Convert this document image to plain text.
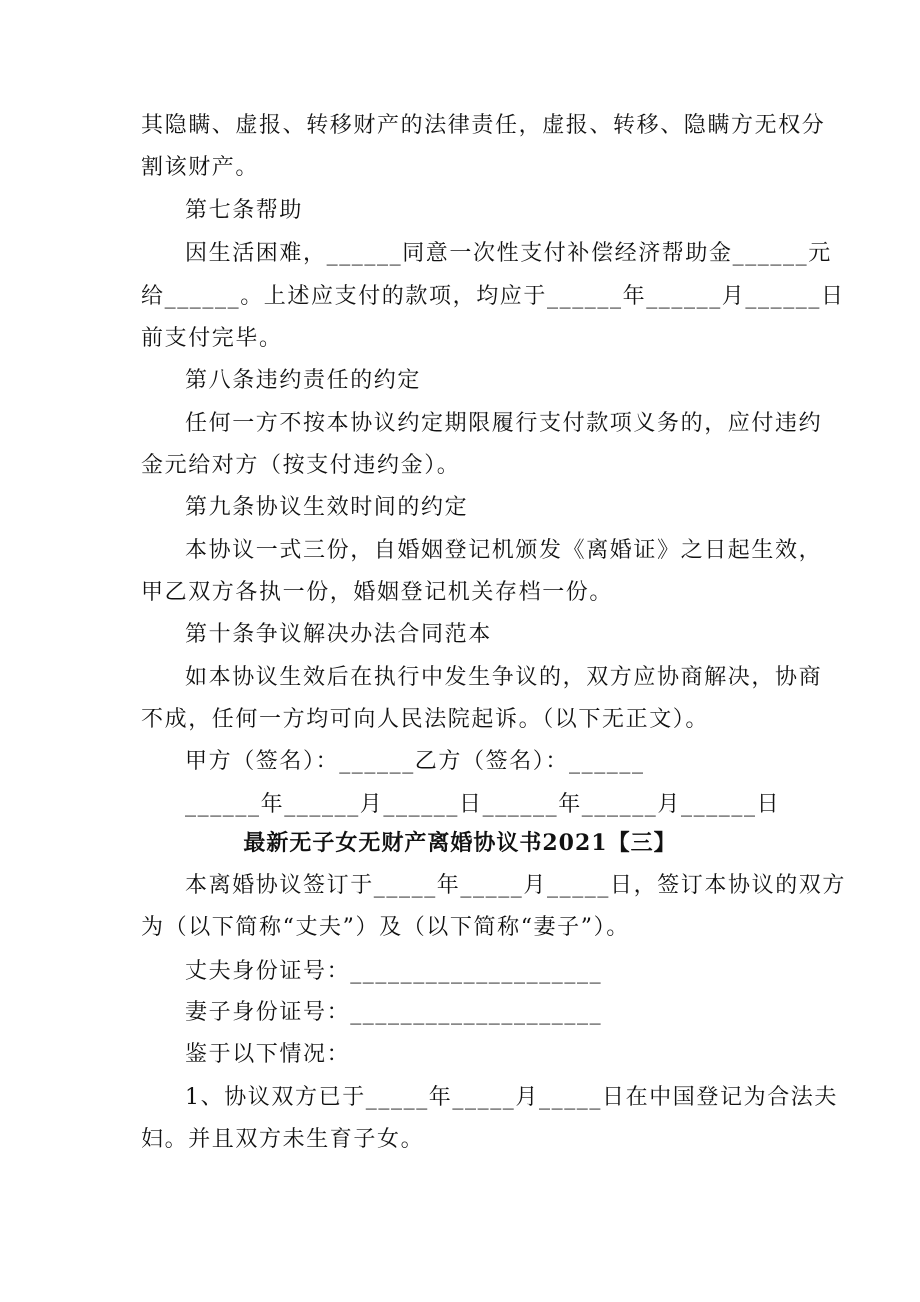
其隐瞒、虚报、转移财产的法律责任，虚报、转移、隐瞒方无权分
割该财产。
第七条帮助
因生活困难，______同意一次性支付补偿经济帮助金______元
给______。上述应支付的款项，均应于______年______月______日
前支付完毕。
第八条违约责任的约定
任何一方不按本协议约定期限履行支付款项义务的，应付违约
金元给对方（按支付违约金）。
第九条协议生效时间的约定
本协议一式三份，自婚姻登记机颁发《离婚证》之日起生效，
甲乙双方各执一份，婚姻登记机关存档一份。
第十条争议解决办法合同范本
如本协议生效后在执行中发生争议的，双方应协商解决，协商
不成，任何一方均可向人民法院起诉。（以下无正文）。
甲方（签名）：______乙方（签名）：______
______年______月______日______年______月______日
最新无子女无财产离婚协议书2021【三】
本离婚协议签订于_____年_____月_____日，签订本协议的双方
为（以下简称“丈夫”）及（以下简称“妻子”）。
丈夫身份证号：____________________
妻子身份证号：____________________
鉴于以下情况：
1、协议双方已于_____年_____月_____日在中国登记为合法夫
妇。并且双方未生育子女。
